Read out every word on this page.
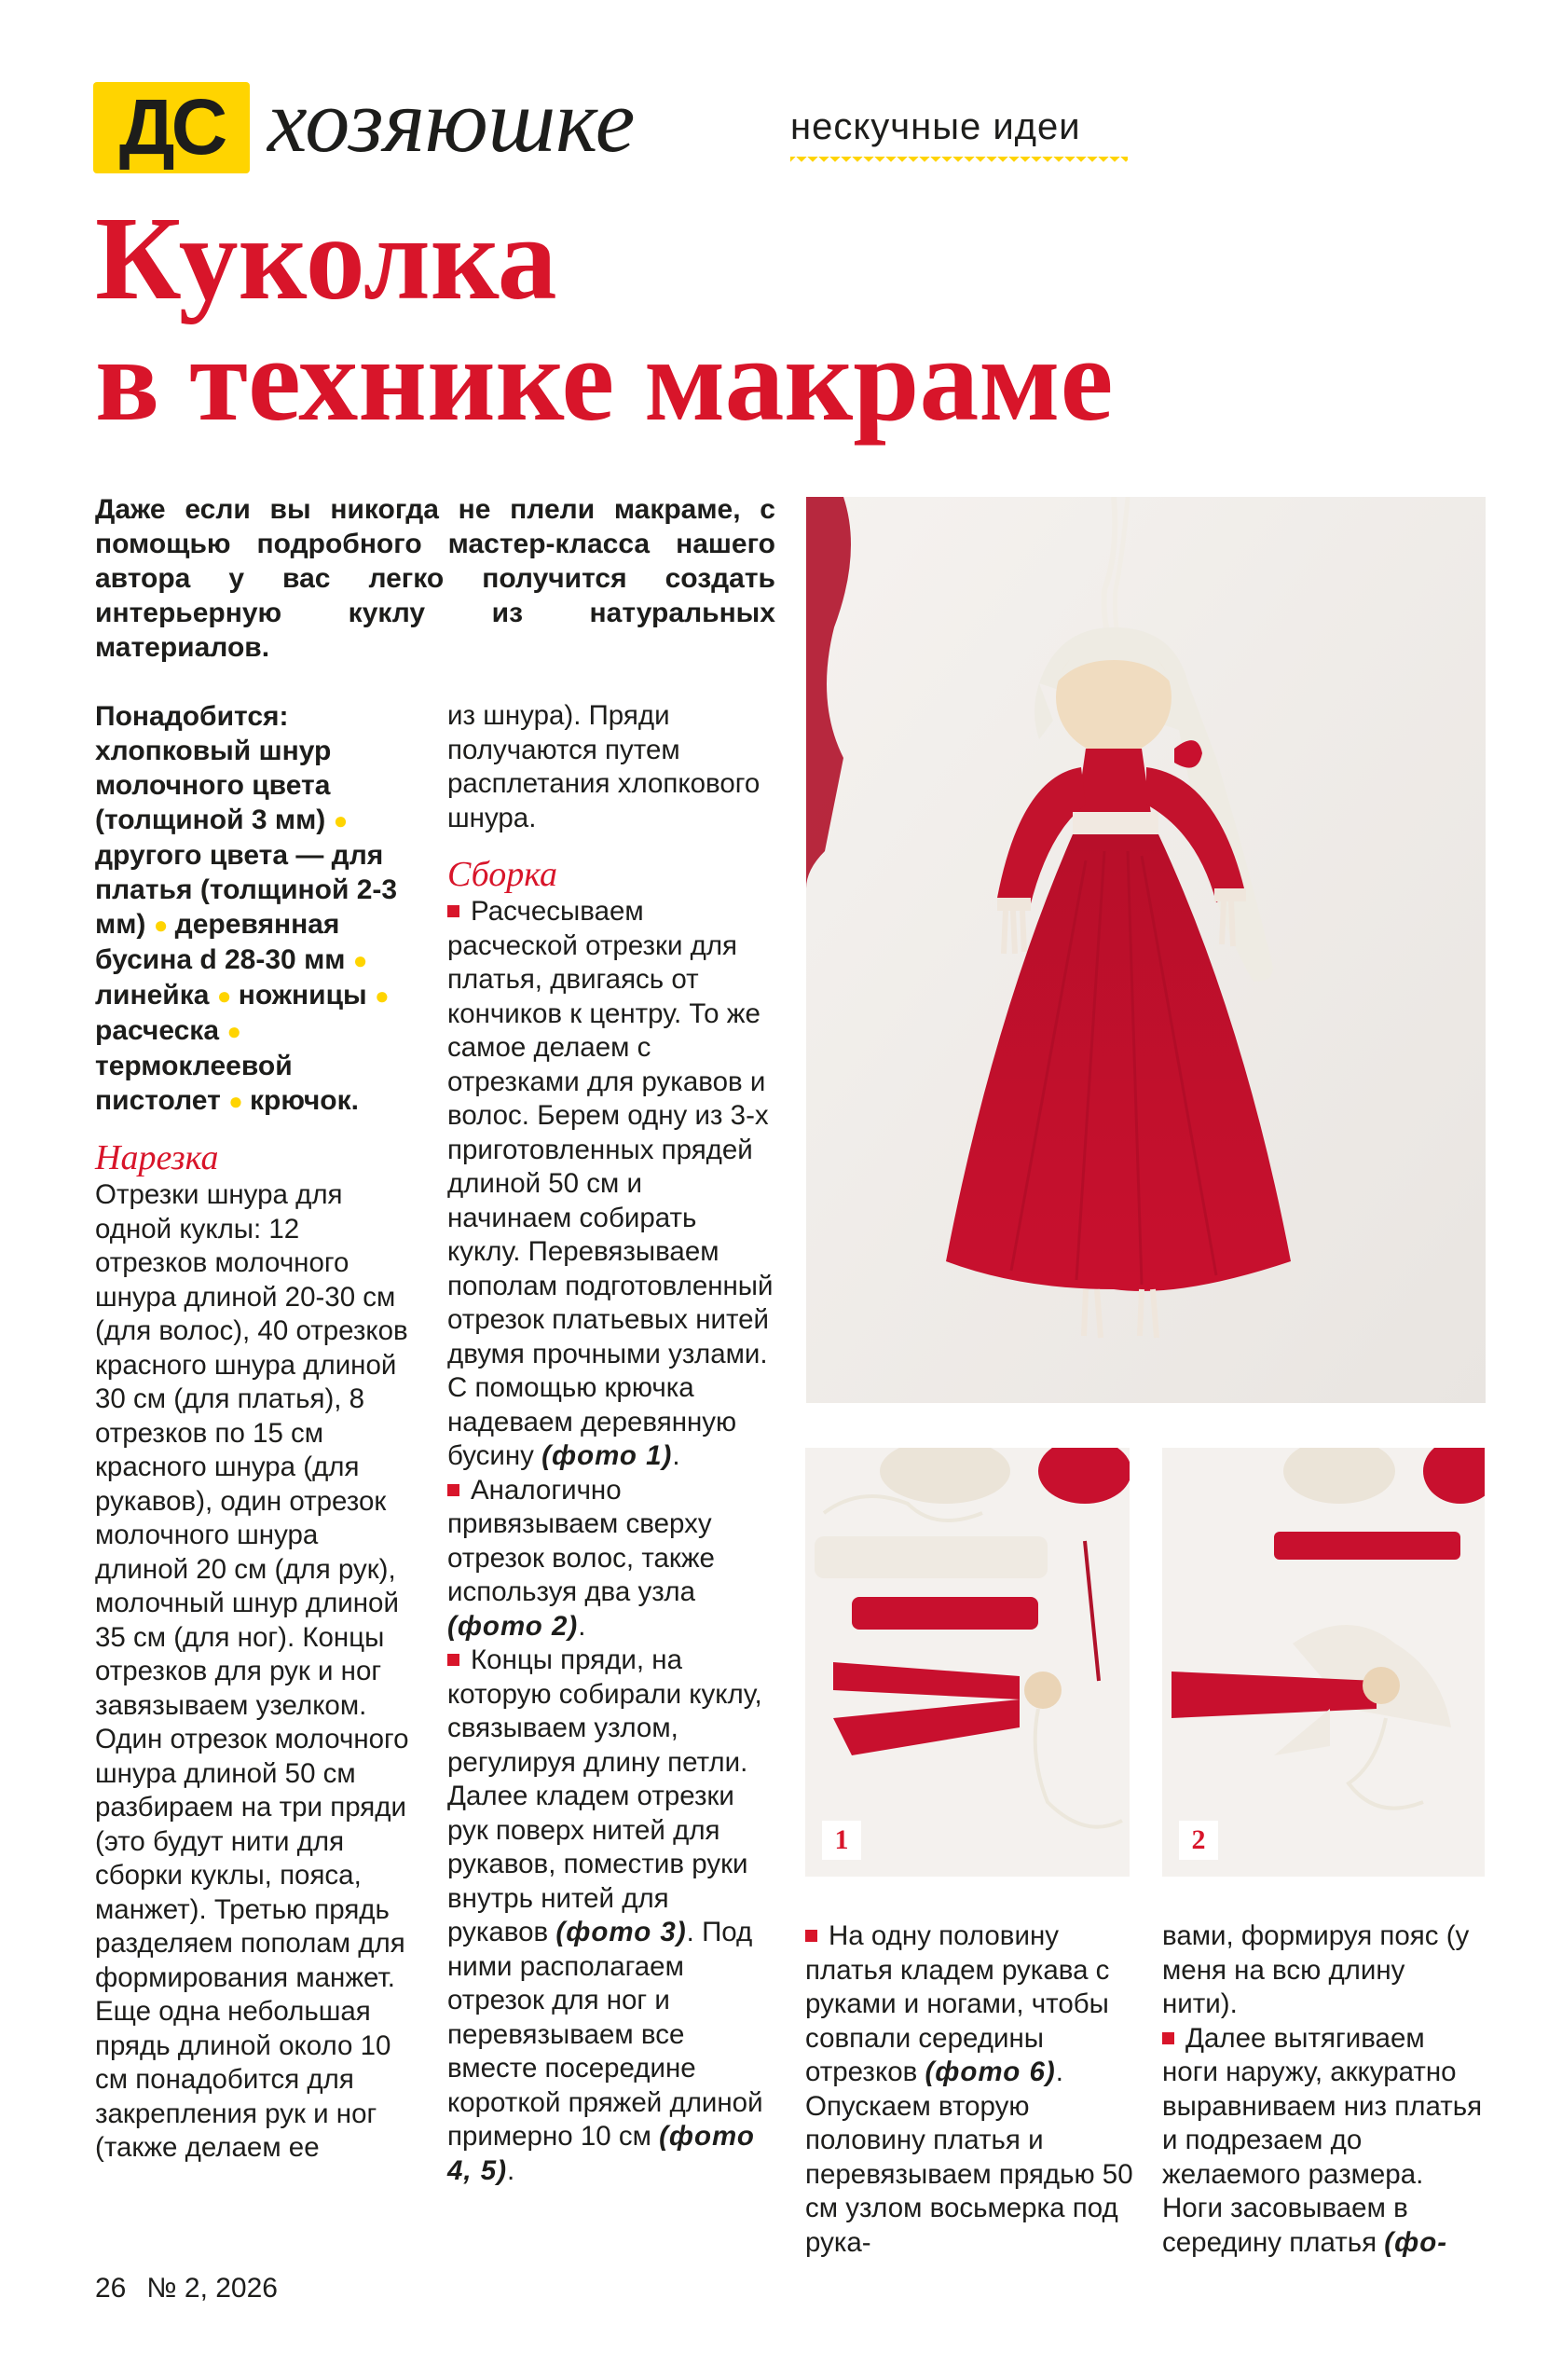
ДС хозяюшке	нескучные идеи
Куколка
в технике макраме
Даже если вы никогда не плели макраме, с помощью подробного мастер-класса нашего автора у вас легко получится создать интерьерную куклу из натуральных материалов.
Понадобится: хлопковый шнур молочного цвета (толщиной 3 мм) ● другого цвета — для платья (толщиной 2-3 мм) ● деревянная бусина d 28-30 мм ● линейка ● ножницы ● расческа ● термоклеевой пистолет ● крючок.
Нарезка

Отрезки шнура для одной куклы: 12 отрезков молочного шнура длиной 20-30 см (для волос), 40 отрезков красного шнура длиной 30 см (для платья), 8 отрезков по 15 см красного шнура (для рукавов), один отрезок молочного шнура длиной 20 см (для рук), молочный шнур длиной 35 см (для ног). Концы отрезков для рук и ног завязываем узелком. Один отрезок молочного шнура длиной 50 см разбираем на три пряди (это будут нити для сборки куклы, пояса, манжет). Третью прядь разделяем пополам для формирования манжет. Еще одна небольшая прядь длиной около 10 см понадобится для закрепления рук и ног (также делаем ее

из шнура). Пряди получаются путем расплетания хлопкового шнура.

Сборка

Расчесываем расческой отрезки для платья, двигаясь от кончиков к центру. То же самое делаем с отрезками для рукавов и волос. Берем одну из 3-х приготовленных прядей длиной 50 см и начинаем собирать куклу. Перевязываем пополам подготовленный отрезок платьевых нитей двумя прочными узлами. С помощью крючка надеваем деревянную бусину (фото 1).

Аналогично привязываем сверху отрезок волос, также используя два узла (фото 2).

Концы пряди, на которую собирали куклу, связываем узлом, регулируя длину петли. Далее кладем отрезки рук поверх нитей для рукавов, поместив руки внутрь нитей для рукавов (фото 3). Под ними располагаем отрезок для ног и перевязываем все вместе посередине короткой пряжей длиной примерно 10 см (фото 4, 5).

1	2

На одну половину платья кладем рукава с руками и ногами, чтобы совпали середины отрезков (фото 6). Опускаем вторую половину платья и перевязываем прядью 50 см узлом восьмерка под рука-

вами, формируя пояс (у меня на всю длину нити).

Далее вытягиваем ноги наружу, аккуратно выравниваем низ платья и подрезаем до желаемого размера. Ноги засовываем в середину платья (фо-

26 № 2, 2026
